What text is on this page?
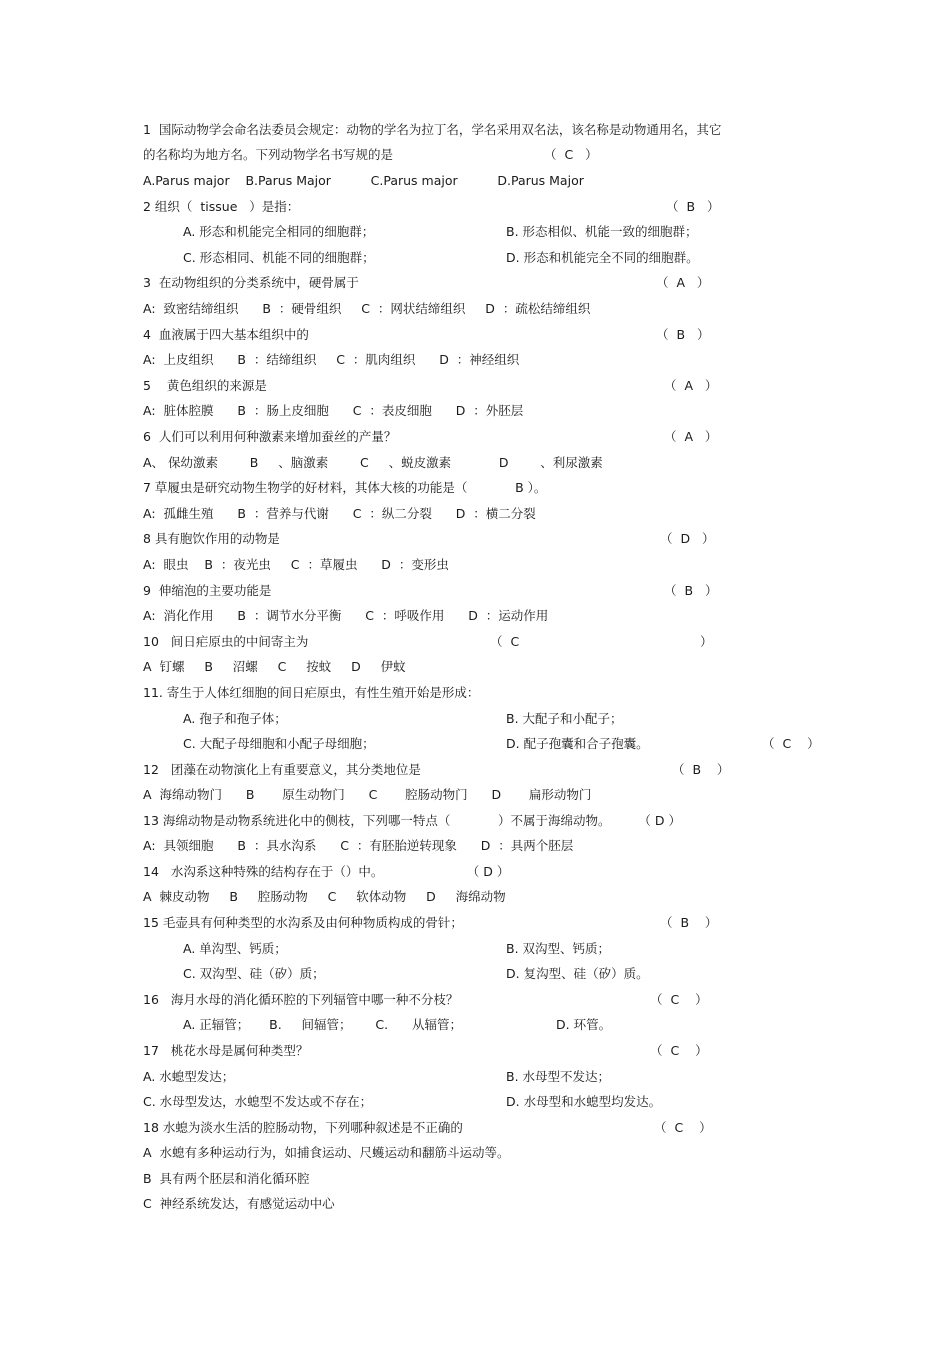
1  国际动物学会命名法委员会规定：动物的学名为拉丁名，学名采用双名法，该名称是动物通用名，其它
的名称均为地方名。下列动物学名书写规的是	（  C   ）
A.Parus major    B.Parus Major          C.Parus major          D.Parus Major
2 组织（  tissue   ）是指：	（  B   ）
A. 形态和机能完全相同的细胞群；	B. 形态相似、机能一致的细胞群；
C. 形态相同、机能不同的细胞群；	D. 形态和机能完全不同的细胞群。
3  在动物组织的分类系统中，硬骨属于	（  A   ）
A:  致密结缔组织      B  ：硬骨组织     C  ：网状结缔组织     D  ：疏松结缔组织
4  血液属于四大基本组织中的	（  B   ）
A:  上皮组织      B  ：结缔组织     C  ：肌肉组织      D  ：神经组织
5    黄色组织的来源是	（  A   ）
A:  脏体腔膜      B  ：肠上皮细胞      C  ：表皮细胞      D  ：外胚层
6  人们可以利用何种激素来增加蚕丝的产量？	（  A   ）
A、 保幼激素        B     、脑激素        C     、蜕皮激素            D        、利尿激素
7 草履虫是研究动物生物学的好材料，其体大核的功能是（            B ）。
A:  孤雌生殖      B  ：营养与代谢      C  ：纵二分裂      D  ：横二分裂
8 具有胞饮作用的动物是	（  D   ）
A:  眼虫    B  ：夜光虫     C  ：草履虫      D  ：变形虫
9  伸缩泡的主要功能是	（  B   ）
A:  消化作用      B  ：调节水分平衡      C  ：呼吸作用      D  ：运动作用
10   间日疟原虫的中间寄主为	（  C	）
A  钉螺     B     沼螺     C     按蚊     D     伊蚊
11. 寄生于人体红细胞的间日疟原虫，有性生殖开始是形成：
A. 孢子和孢子体；	B. 大配子和小配子；
C. 大配子母细胞和小配子母细胞；	D. 配子孢囊和合子孢囊。	（  C    ）
12   团藻在动物演化上有重要意义，其分类地位是	（  B    ）
A  海绵动物门      B       原生动物门      C       腔肠动物门      D       扁形动物门
13 海绵动物是动物系统进化中的侧枝，下列哪一特点（            ）不属于海绵动物。       （ D ）
A:  具领细胞      B  ：具水沟系      C  ：有胚胎逆转现象      D  ：具两个胚层
14   水沟系这种特殊的结构存在于（）中。                     （ D ）
A  棘皮动物     B     腔肠动物     C     软体动物     D     海绵动物
15 毛壶具有何种类型的水沟系及由何种物质构成的骨针；	（  B    ）
A. 单沟型、钙质；	B. 双沟型、钙质；
C. 双沟型、硅（矽）质；	D. 复沟型、硅（矽）质。
16   海月水母的消化循环腔的下列辐管中哪一种不分枝？	（  C    ）
A. 正辐管；     B.     间辐管；      C.      从辐管；	D. 环管。
17   桃花水母是属何种类型？	（  C    ）
A. 水螅型发达；	B. 水母型不发达；
C. 水母型发达，水螅型不发达或不存在；	D. 水母型和水螅型均发达。
18 水螅为淡水生活的腔肠动物，下列哪种叙述是不正确的	（  C    ）
A  水螅有多种运动行为，如捕食运动、尺蠖运动和翻筋斗运动等。
B  具有两个胚层和消化循环腔
C  神经系统发达，有感觉运动中心
